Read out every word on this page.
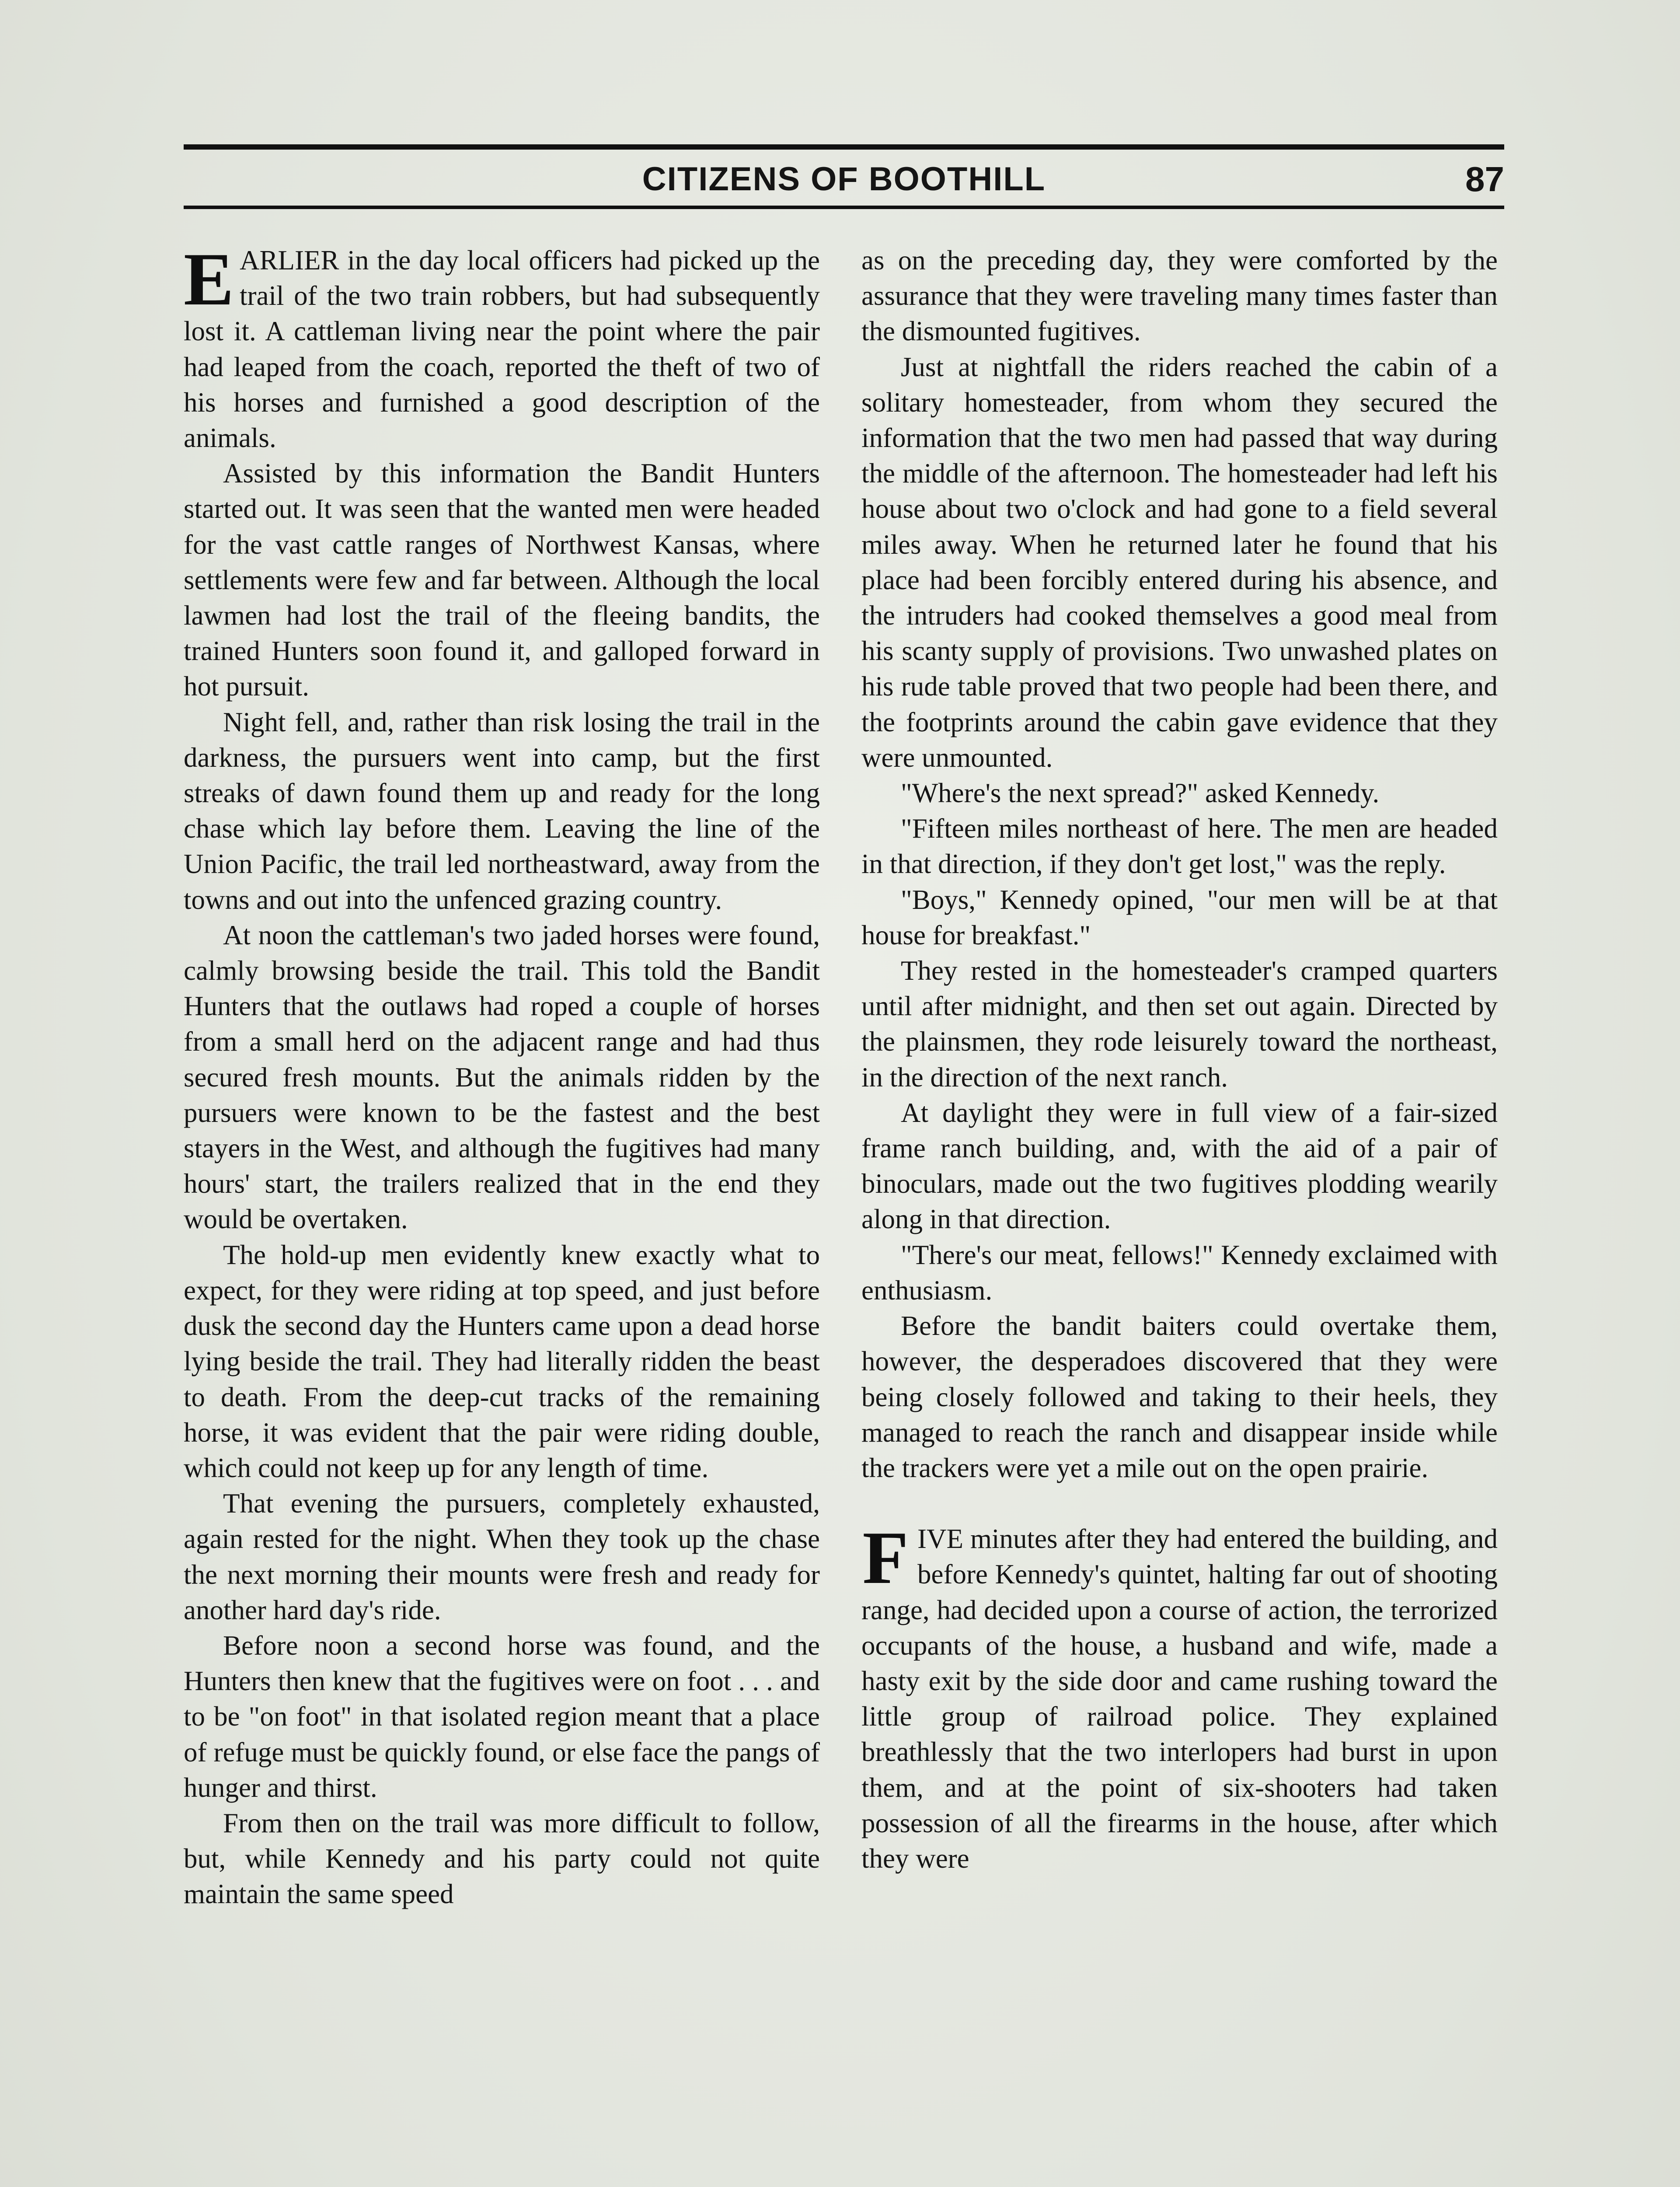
CITIZENS OF BOOTHILL	87

EARLIER in the day local officers had picked up the trail of the two train robbers, but had subsequently lost it. A cattleman living near the point where the pair had leaped from the coach, reported the theft of two of his horses and furnished a good description of the animals.

Assisted by this information the Bandit Hunters started out. It was seen that the wanted men were headed for the vast cattle ranges of Northwest Kansas, where settlements were few and far between. Although the local lawmen had lost the trail of the fleeing bandits, the trained Hunters soon found it, and galloped forward in hot pursuit.

Night fell, and, rather than risk losing the trail in the darkness, the pursuers went into camp, but the first streaks of dawn found them up and ready for the long chase which lay before them. Leaving the line of the Union Pacific, the trail led northeastward, away from the towns and out into the unfenced grazing country.

At noon the cattleman's two jaded horses were found, calmly browsing beside the trail. This told the Bandit Hunters that the outlaws had roped a couple of horses from a small herd on the adjacent range and had thus secured fresh mounts. But the animals ridden by the pursuers were known to be the fastest and the best stayers in the West, and although the fugitives had many hours' start, the trailers realized that in the end they would be overtaken.

The hold-up men evidently knew exactly what to expect, for they were riding at top speed, and just before dusk the second day the Hunters came upon a dead horse lying beside the trail. They had literally ridden the beast to death. From the deep-cut tracks of the remaining horse, it was evident that the pair were riding double, which could not keep up for any length of time.

That evening the pursuers, completely exhausted, again rested for the night. When they took up the chase the next morning their mounts were fresh and ready for another hard day's ride.

Before noon a second horse was found, and the Hunters then knew that the fugitives were on foot . . . and to be "on foot" in that isolated region meant that a place of refuge must be quickly found, or else face the pangs of hunger and thirst.

From then on the trail was more difficult to follow, but, while Kennedy and his party could not quite maintain the same speed

as on the preceding day, they were comforted by the assurance that they were traveling many times faster than the dismounted fugitives.

Just at nightfall the riders reached the cabin of a solitary homesteader, from whom they secured the information that the two men had passed that way during the middle of the afternoon. The homesteader had left his house about two o'clock and had gone to a field several miles away. When he returned later he found that his place had been forcibly entered during his absence, and the intruders had cooked themselves a good meal from his scanty supply of provisions. Two unwashed plates on his rude table proved that two people had been there, and the footprints around the cabin gave evidence that they were unmounted.

"Where's the next spread?" asked Kennedy.

"Fifteen miles northeast of here. The men are headed in that direction, if they don't get lost," was the reply.

"Boys," Kennedy opined, "our men will be at that house for breakfast."

They rested in the homesteader's cramped quarters until after midnight, and then set out again. Directed by the plainsmen, they rode leisurely toward the northeast, in the direction of the next ranch.

At daylight they were in full view of a fair-sized frame ranch building, and, with the aid of a pair of binoculars, made out the two fugitives plodding wearily along in that direction.

"There's our meat, fellows!" Kennedy exclaimed with enthusiasm.

Before the bandit baiters could overtake them, however, the desperadoes discovered that they were being closely followed and taking to their heels, they managed to reach the ranch and disappear inside while the trackers were yet a mile out on the open prairie.

FIVE minutes after they had entered the building, and before Kennedy's quintet, halting far out of shooting range, had decided upon a course of action, the terrorized occupants of the house, a husband and wife, made a hasty exit by the side door and came rushing toward the little group of railroad police. They explained breathlessly that the two interlopers had burst in upon them, and at the point of six-shooters had taken possession of all the firearms in the house, after which they were
